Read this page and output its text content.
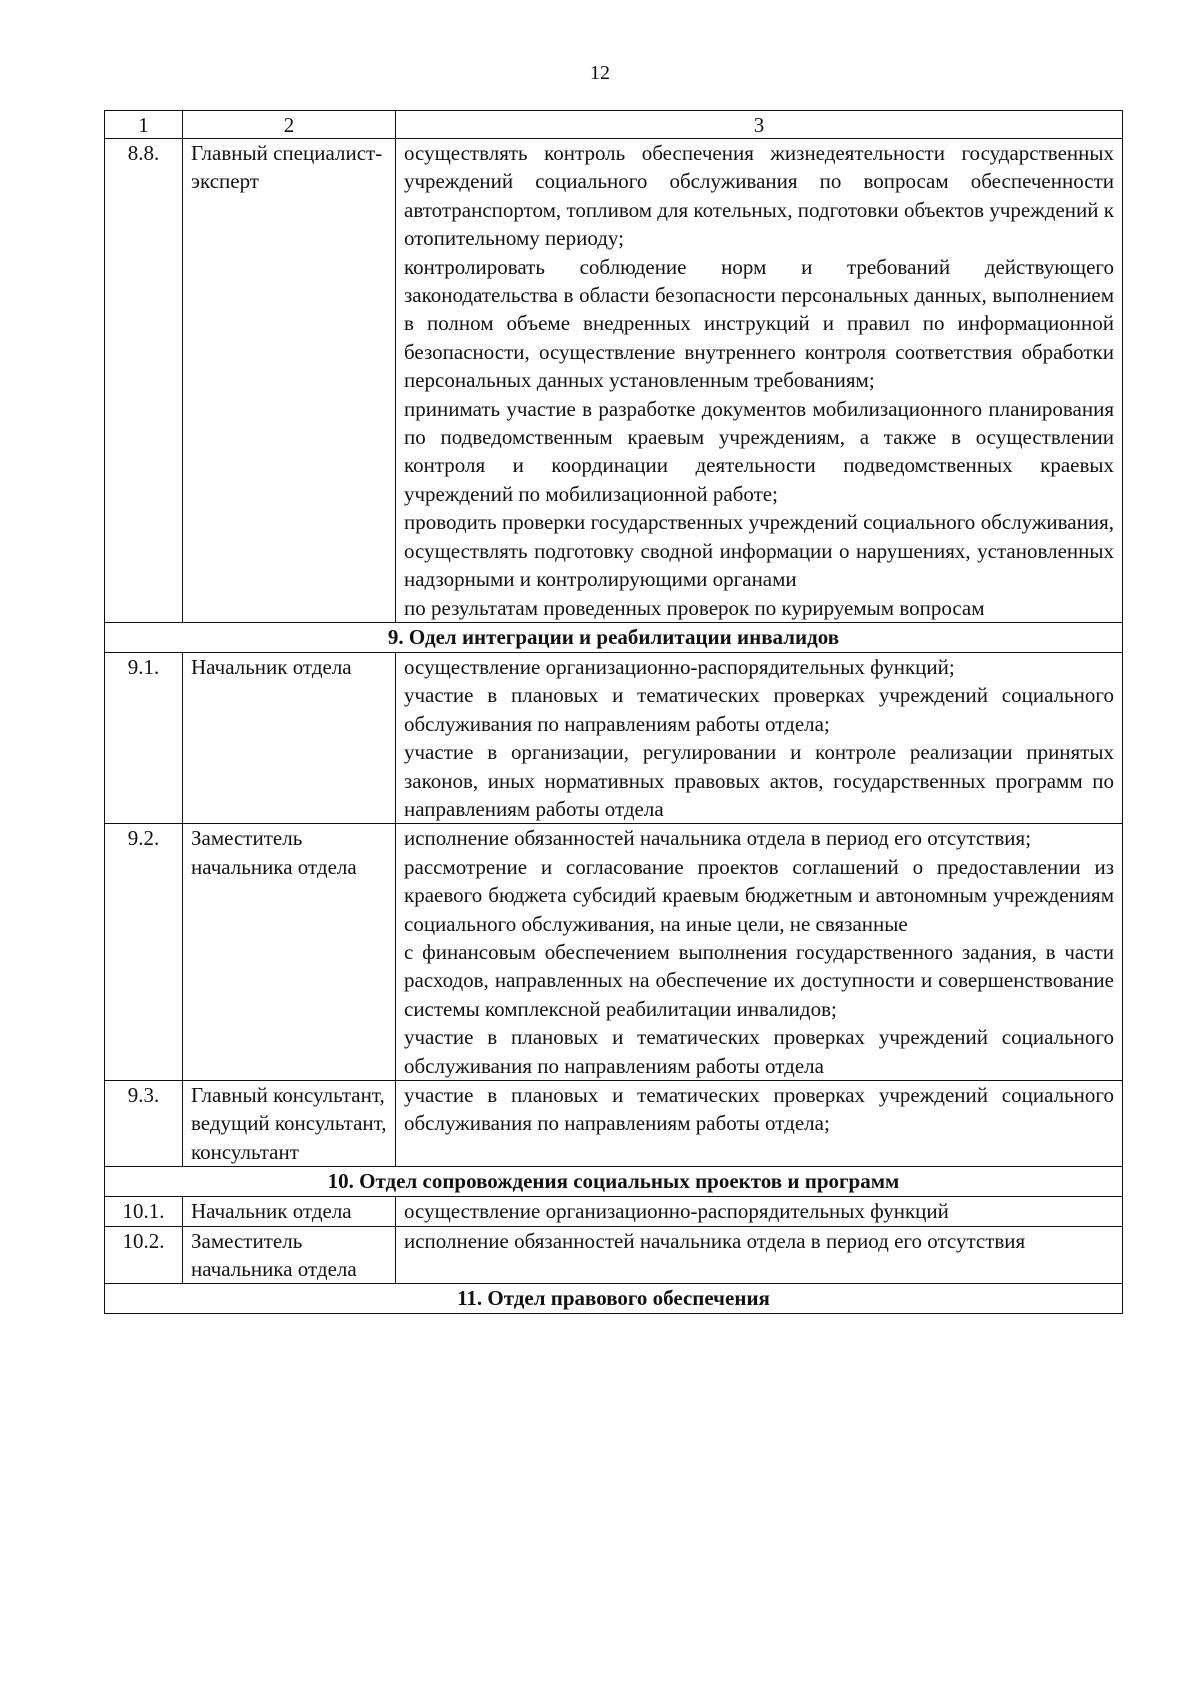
12
1	2	3
8.8.	Главный специалист-эксперт	осуществлять контроль обеспечения жизнедеятельности государственных учреждений социального обслуживания по вопросам обеспеченности автотранспортом, топливом для котельных, подготовки объектов учреждений к отопительному периоду;
контролировать соблюдение норм и требований действующего законодательства в области безопасности персональных данных, выполнением в полном объеме внедренных инструкций и правил по информационной безопасности, осуществление внутреннего контроля соответствия обработки персональных данных установленным требованиям;
принимать участие в разработке документов мобилизационного планирования по подведомственным краевым учреждениям, а также в осуществлении контроля и координации деятельности подведомственных краевых учреждений по мобилизационной работе;
проводить проверки государственных учреждений социального обслуживания, осуществлять подготовку сводной информации о нарушениях, установленных надзорными и контролирующими органами
по результатам проведенных проверок по курируемым вопросам

9. Одел интеграции и реабилитации инвалидов		
9.1.	Начальник отдела	осуществление организационно-распорядительных функций;
участие в плановых и тематических проверках учреждений социального обслуживания по направлениям работы отдела;
участие в организации, регулировании и контроле реализации принятых законов, иных нормативных правовых актов, государственных программ по направлениям работы отдела

9.2.	Заместитель начальника отдела	исполнение обязанностей начальника отдела в период его отсутствия;
рассмотрение и согласование проектов соглашений о предоставлении из краевого бюджета субсидий краевым бюджетным и автономным учреждениям социального обслуживания, на иные цели, не связанные
с финансовым обеспечением выполнения государственного задания, в части расходов, направленных на обеспечение их доступности и совершенствование системы комплексной реабилитации инвалидов;
участие в плановых и тематических проверках учреждений социального обслуживания по направлениям работы отдела

9.3.	Главный консультант, ведущий консультант, консультант	участие в плановых и тематических проверках учреждений социального обслуживания по направлениям работы отдела;

10. Отдел сопровождения социальных проектов и программ		
10.1.	Начальник отдела	осуществление организационно-распорядительных функций

10.2.	Заместитель начальника отдела	исполнение обязанностей начальника отдела в период его отсутствия

11. Отдел правового обеспечения		
